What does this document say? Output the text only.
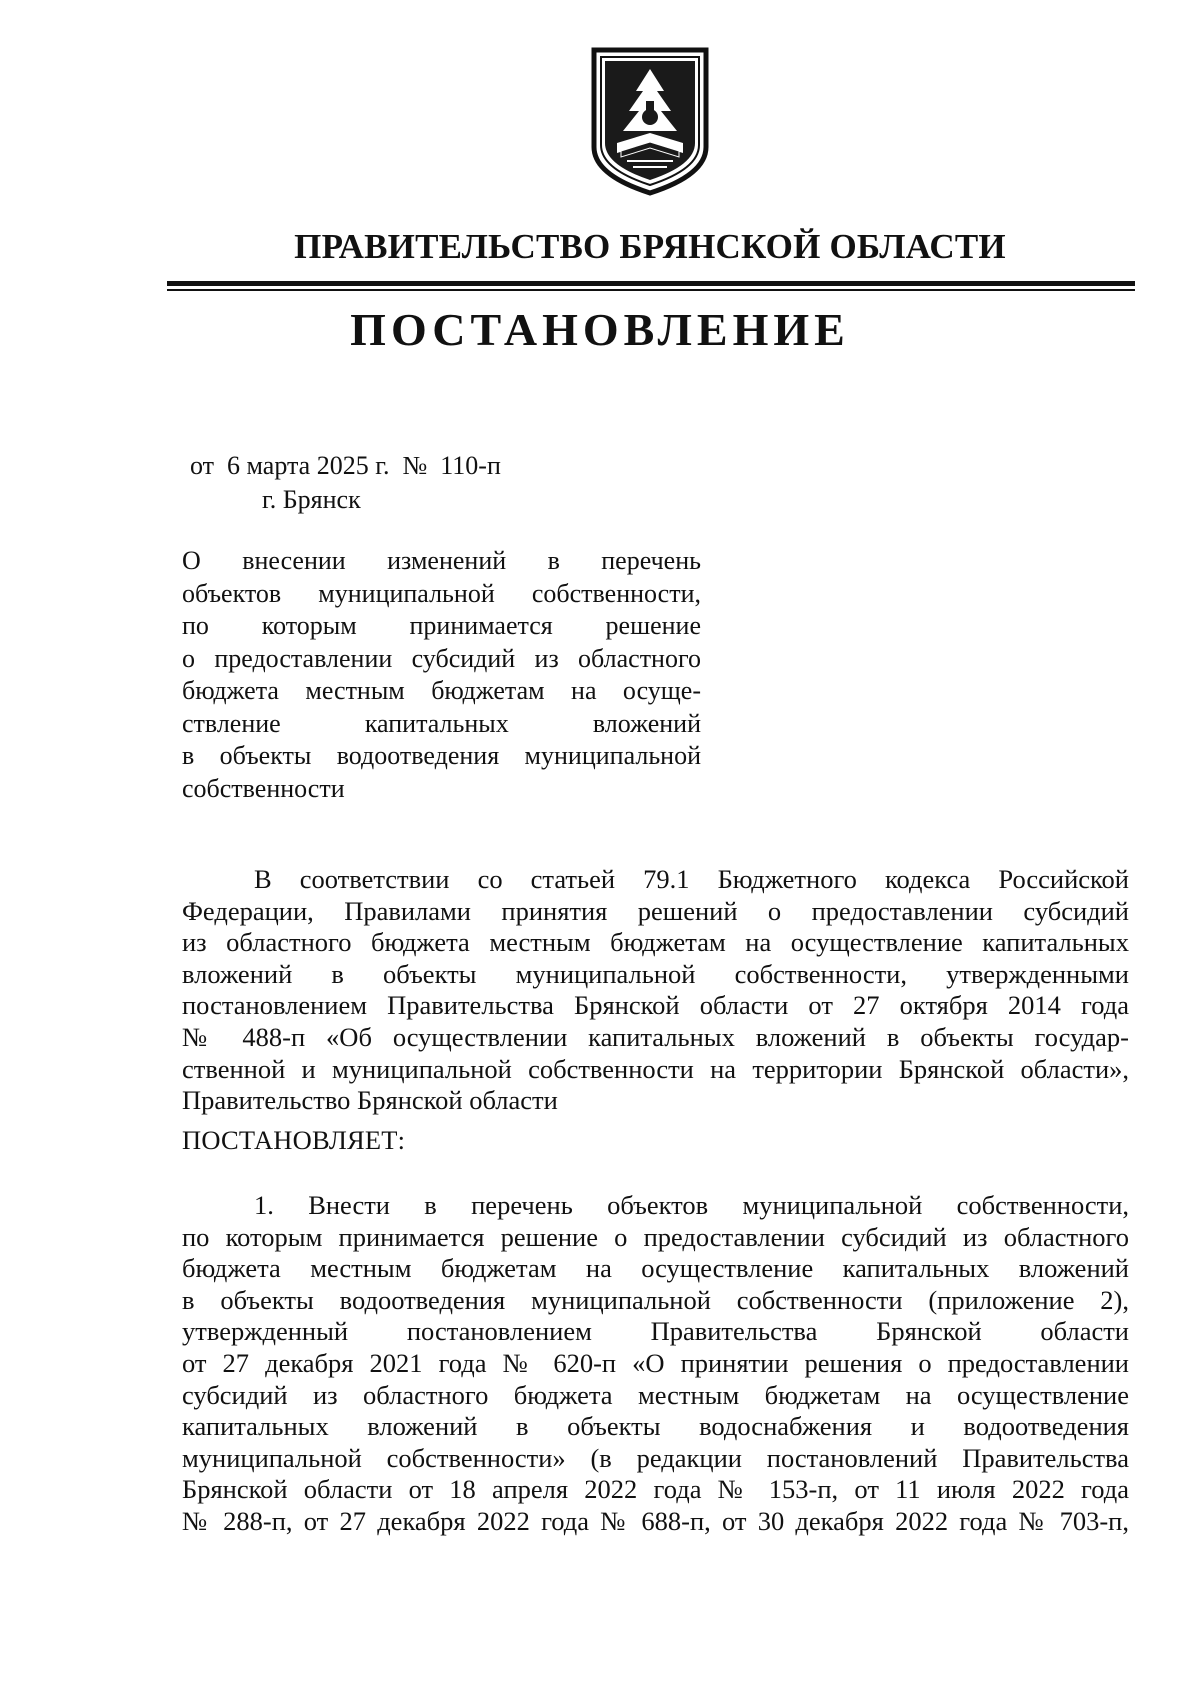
ПРАВИТЕЛЬСТВО БРЯНСКОЙ ОБЛАСТИ
ПОСТАНОВЛЕНИЕ
от  6 марта 2025 г.  №  110-п
г. Брянск
О внесении изменений в перечень
объектов муниципальной собственности,
по которым принимается решение
о предоставлении субсидий из областного
бюджета местным бюджетам на осуще-
ствление капитальных вложений
в объекты водоотведения муниципальной
собственности
В соответствии со статьей 79.1 Бюджетного кодекса Российской
Федерации, Правилами принятия решений о предоставлении субсидий
из областного бюджета местным бюджетам на осуществление капитальных
вложений в объекты муниципальной собственности, утвержденными
постановлением Правительства Брянской области от 27 октября 2014 года
№ 488-п «Об осуществлении капитальных вложений в объекты государ-
ственной и муниципальной собственности на территории Брянской области»,
Правительство Брянской области
ПОСТАНОВЛЯЕТ:
1. Внести в перечень объектов муниципальной собственности,
по которым принимается решение о предоставлении субсидий из областного
бюджета местным бюджетам на осуществление капитальных вложений
в объекты водоотведения муниципальной собственности (приложение 2),
утвержденный постановлением Правительства Брянской области
от 27 декабря 2021 года № 620-п «О принятии решения о предоставлении
субсидий из областного бюджета местным бюджетам на осуществление
капитальных вложений в объекты водоснабжения и водоотведения
муниципальной собственности» (в редакции постановлений Правительства
Брянской области от 18 апреля 2022 года № 153-п, от 11 июля 2022 года
№ 288-п, от 27 декабря 2022 года № 688-п, от 30 декабря 2022 года № 703-п,
